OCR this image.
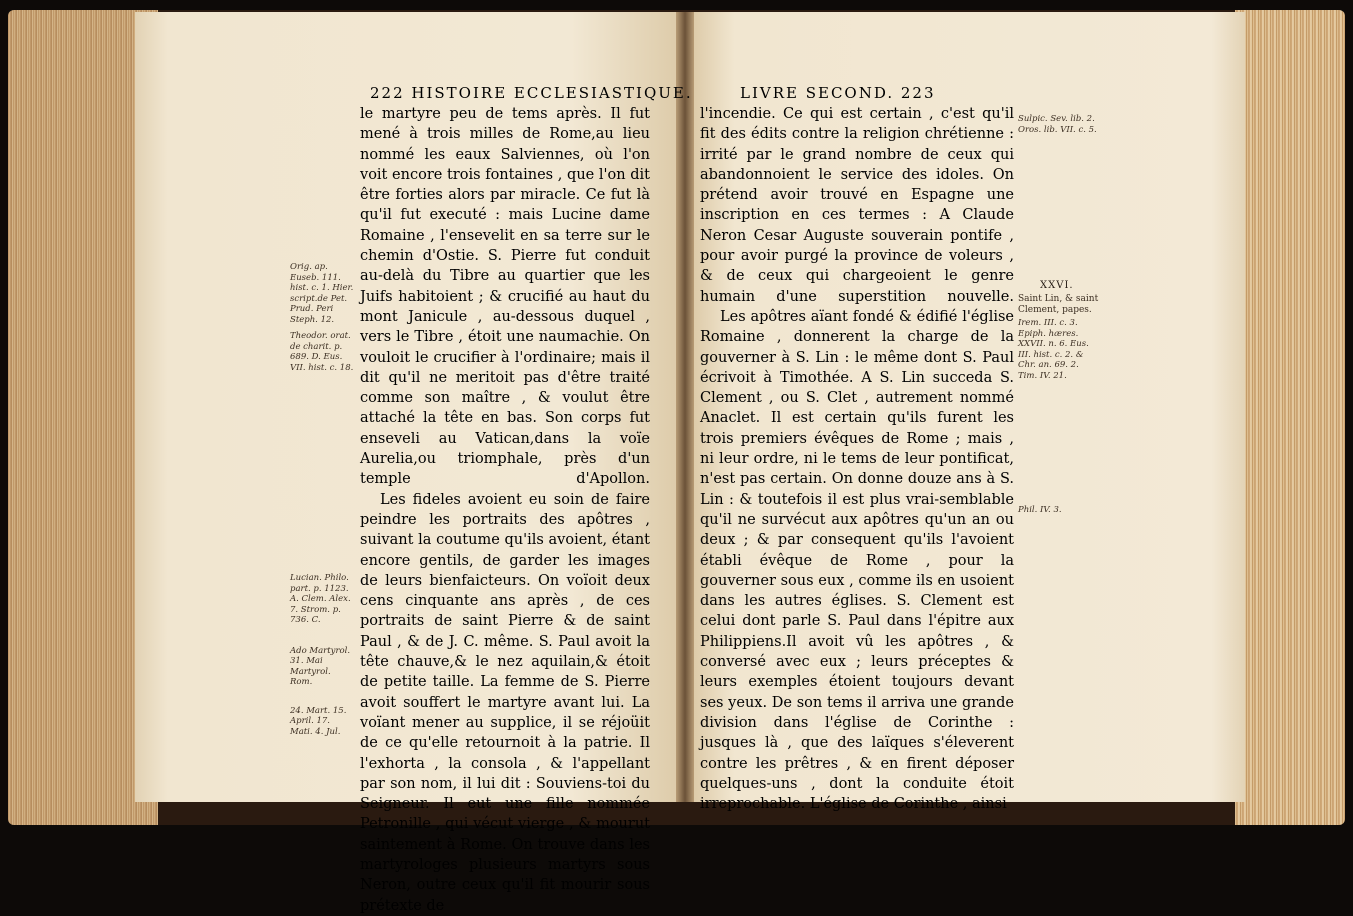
222 HISTOIRE ECCLESIASTIQUE.

le martyre peu de tems après. Il fut mené à trois milles de Rome,au lieu nommé les eaux Salviennes, où l'on voit encore trois fontaines , que l'on dit être forties alors par miracle. Ce fut là qu'il fut executé : mais Lucine dame Romaine , l'ensevelit en sa terre sur le chemin d'Ostie. S. Pierre fut conduit au-delà du Tibre au quartier que les Juifs habitoient ; & crucifié au haut du mont Janicule , au-dessous duquel , vers le Tibre , étoit une naumachie. On vouloit le crucifier à l'ordinaire; mais il dit qu'il ne meritoit pas d'être traité comme son maître , & voulut être attaché la tête en bas. Son corps fut enseveli au Vatican,dans la voïe Aurelia,ou triomphale, près d'un temple d'Apollon.

Les fideles avoient eu soin de faire peindre les portraits des apôtres , suivant la coutume qu'ils avoient, étant encore gentils, de garder les images de leurs bienfaicteurs. On voïoit deux cens cinquante ans après , de ces portraits de saint Pierre & de saint Paul , & de J. C. même. S. Paul avoit la tête chauve,& le nez aquilain,& étoit de petite taille. La femme de S. Pierre avoit souffert le martyre avant lui. La voïant mener au supplice, il se réjoüit de ce qu'elle retournoit à la patrie. Il l'exhorta , la consola , & l'appellant par son nom, il lui dit : Souviens-toi du Seigneur. Il eut une fille nommée Petronille , qui vécut vierge , & mourut saintement à Rome. On trouve dans les martyrologes plusieurs martyrs sous Neron, outre ceux qu'il fit mourir sous prétexte de

Orig. ap. Euseb. 111. hist. c. 1. Hier. script.de Pet. Prud. Peri Steph. 12.
Theodor. orat. de charit. p. 689. D. Eus. VII. hist. c. 18.
Lucian. Philo. part. p. 1123. A. Clem. Alex. 7. Strom. p. 736. C.
Ado Martyrol. 31. Mai Martyrol. Rom.
24. Mart. 15. April. 17. Mati. 4. Jul.
LIVRE SECOND. 223

l'incendie. Ce qui est certain , c'est qu'il fit des édits contre la religion chrétienne : irrité par le grand nombre de ceux qui abandonnoient le service des idoles. On prétend avoir trouvé en Espagne une inscription en ces termes : A Claude Neron Cesar Auguste souverain pontife , pour avoir purgé la province de voleurs , & de ceux qui chargeoient le genre humain d'une superstition nouvelle.

Les apôtres aïant fondé & édifié l'église Romaine , donnerent la charge de la gouverner à S. Lin : le même dont S. Paul écrivoit à Timothée. A S. Lin succeda S. Clement , ou S. Clet , autrement nommé Anaclet. Il est certain qu'ils furent les trois premiers évêques de Rome ; mais , ni leur ordre, ni le tems de leur pontificat, n'est pas certain. On donne douze ans à S. Lin : & toutefois il est plus vrai-semblable qu'il ne survécut aux apôtres qu'un an ou deux ; & par consequent qu'ils l'avoient établi évêque de Rome , pour la gouverner sous eux , comme ils en usoient dans les autres églises. S. Clement est celui dont parle S. Paul dans l'épitre aux Philippiens.Il avoit vû les apôtres , & conversé avec eux ; leurs préceptes & leurs exemples étoient toujours devant ses yeux. De son tems il arriva une grande division dans l'église de Corinthe : jusques là , que des laïques s'éleverent contre les prêtres , & en firent déposer quelques-uns , dont la conduite étoit irreprochable. L'église de Corinthe , ainsi

Sulpic. Sev. lib. 2. Oros. lib. VII. c. 5.
XXVI.
Saint Lin, & saint Clement, papes.
Irem. III. c. 3. Epiph. hæres. XXVII. n. 6. Eus. III. hist. c. 2. & Chr. an. 69. 2. Tim. IV. 21.
Phil. IV. 3.
